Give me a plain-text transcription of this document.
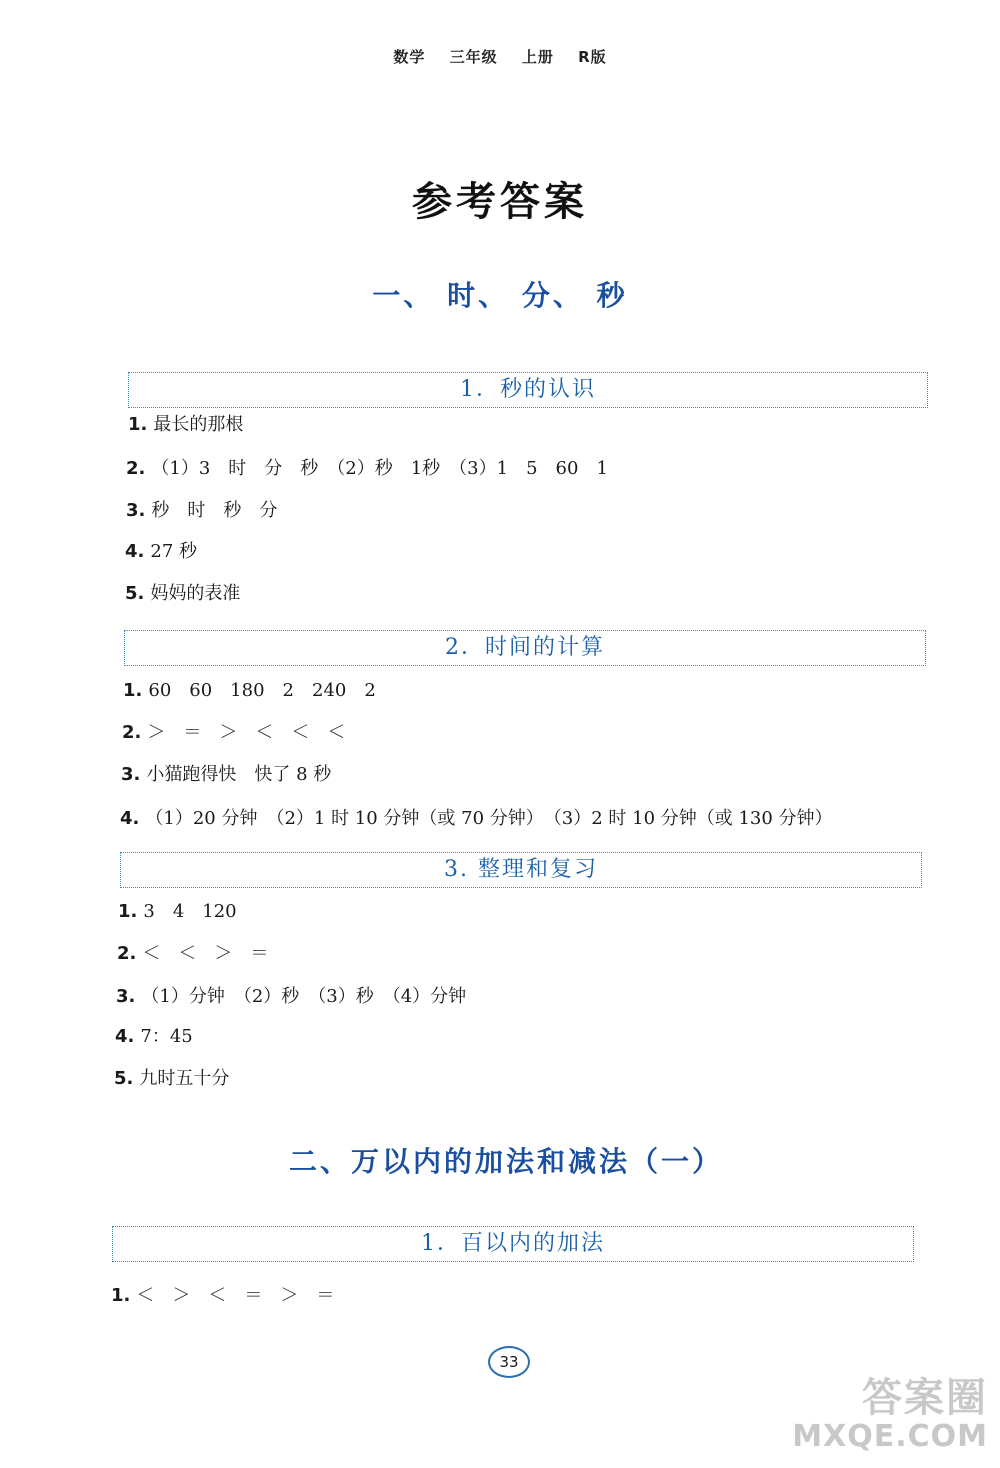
数学 三年级 上册 R版
参考答案
一、 时、 分、 秒
1．秒的认识
1. 最长的那根
2. （1）3　时　分　秒　（2）秒　1秒　（3）1　5　60　1
3. 秒　时　秒　分
4. 27 秒
5. 妈妈的表准
2．时间的计算
1. 60　60　180　2　240　2
2. ＞　＝　＞　＜　＜　＜
3. 小猫跑得快　快了 8 秒
4. （1）20 分钟　（2）1 时 10 分钟（或 70 分钟）　（3）2 时 10 分钟（或 130 分钟）
3. 整理和复习
1. 3　4　120
2. ＜　＜　＞　＝
3. （1）分钟　（2）秒　（3）秒　（4）分钟
4. 7：45
5. 九时五十分
二、万以内的加法和减法（一）
1．百以内的加法
1. ＜　＞　＜　＝　＞　＝
33
答案圈
MXQE.COM
